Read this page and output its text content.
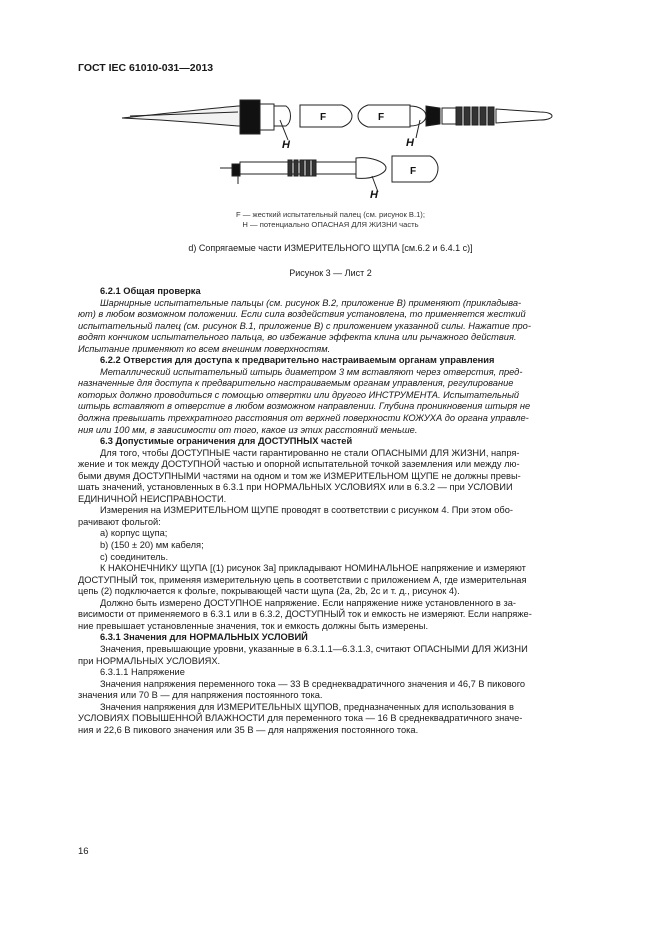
ГОСТ IEC 61010-031—2013
F	F
F
H	H
H
F — жесткий испытательный палец (см. рисунок В.1);
H — потенциально ОПАСНАЯ ДЛЯ ЖИЗНИ часть
d) Сопрягаемые части ИЗМЕРИТЕЛЬНОГО ЩУПА [см.6.2 и 6.4.1 с)]
Рисунок 3 — Лист 2

6.2.1 Общая проверка

Шарнирные испытательные пальцы (см. рисунок В.2, приложение В) применяют (прикладыва-

ют) в любом возможном положении. Если сила воздействия установлена, то применяется жесткий

испытательный палец (см. рисунок В.1, приложение В) с приложением указанной силы. Нажатие про-

водят кончиком испытательного пальца, во избежание эффекта клина или рычажного действия.

Испытание применяют ко всем внешним поверхностям.

6.2.2 Отверстия для доступа к предварительно настраиваемым органам управления

Металлический испытательный штырь диаметром 3 мм вставляют через отверстия, пред-

назначенные для доступа к предварительно настраиваемым органам управления, регулирование

которых должно проводиться с помощью отвертки или другого ИНСТРУМЕНТА. Испытательный

штырь вставляют в отверстие в любом возможном направлении. Глубина проникновения штыря не

должна превышать трехкратного расстояния от верхней поверхности КОЖУХА до органа управле-

ния или 100 мм, в зависимости от того, какое из этих расстояний меньше.

6.3 Допустимые ограничения для ДОСТУПНЫХ частей

Для того, чтобы ДОСТУПНЫЕ части гарантированно не стали ОПАСНЫМИ ДЛЯ ЖИЗНИ, напря-

жение и ток между ДОСТУПНОЙ частью и опорной испытательной точкой заземления или между лю-

быми двумя ДОСТУПНЫМИ частями на одном и том же ИЗМЕРИТЕЛЬНОМ ЩУПЕ не должны превы-

шать значений, установленных в 6.3.1 при НОРМАЛЬНЫХ УСЛОВИЯХ или в 6.3.2 — при УСЛОВИИ

ЕДИНИЧНОЙ НЕИСПРАВНОСТИ.

Измерения на ИЗМЕРИТЕЛЬНОМ ЩУПЕ проводят в соответствии с рисунком 4. При этом обо-

рачивают фольгой:

a) корпус щупа;

b) (150 ± 20) мм кабеля;

c) соединитель.

К НАКОНЕЧНИКУ ЩУПА [(1) рисунок 3а] прикладывают НОМИНАЛЬНОЕ напряжение и измеряют

ДОСТУПНЫЙ ток, применяя измерительную цепь в соответствии с приложением А, где измерительная

цепь (2) подключается к фольге, покрывающей части щупа (2а, 2b, 2с и т. д., рисунок 4).

Должно быть измерено ДОСТУПНОЕ напряжение. Если напряжение ниже установленного в за-

висимости от применяемого в 6.3.1 или в 6.3.2, ДОСТУПНЫЙ ток и емкость не измеряют. Если напряже-

ние превышает установленные значения, ток и емкость должны быть измерены.

6.3.1 Значения для НОРМАЛЬНЫХ УСЛОВИЙ

Значения, превышающие уровни, указанные в 6.3.1.1—6.3.1.3, считают ОПАСНЫМИ ДЛЯ ЖИЗНИ

при НОРМАЛЬНЫХ УСЛОВИЯХ.

6.3.1.1 Напряжение

Значения напряжения переменного тока — 33 В среднеквадратичного значения и 46,7 В пикового

значения или 70 В — для напряжения постоянного тока.

Значения напряжения для ИЗМЕРИТЕЛЬНЫХ ЩУПОВ, предназначенных для использования в

УСЛОВИЯХ ПОВЫШЕННОЙ ВЛАЖНОСТИ для переменного тока — 16 В среднеквадратичного значе-

ния и 22,6 В пикового значения или 35 В — для напряжения постоянного тока.

16
